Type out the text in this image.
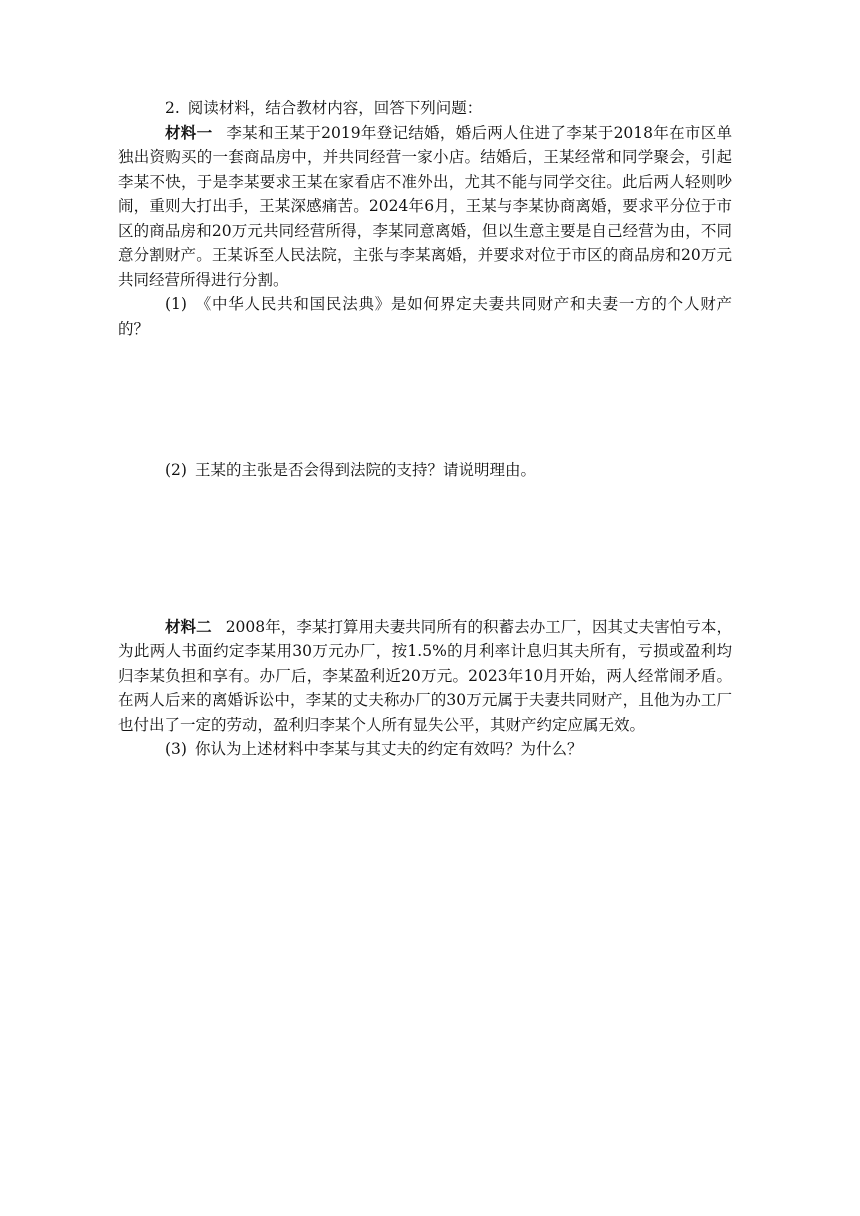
2. 阅读材料，结合教材内容，回答下列问题：

材料一 李某和王某于2019年登记结婚，婚后两人住进了李某于2018年在市区单独出资购买的一套商品房中，并共同经营一家小店。结婚后，王某经常和同学聚会，引起李某不快，于是李某要求王某在家看店不准外出，尤其不能与同学交往。此后两人轻则吵闹，重则大打出手，王某深感痛苦。2024年6月，王某与李某协商离婚，要求平分位于市区的商品房和20万元共同经营所得，李某同意离婚，但以生意主要是自己经营为由，不同意分割财产。王某诉至人民法院，主张与李某离婚，并要求对位于市区的商品房和20万元共同经营所得进行分割。

(1) 《中华人民共和国民法典》是如何界定夫妻共同财产和夫妻一方的个人财产的？

(2) 王某的主张是否会得到法院的支持？请说明理由。

材料二 2008年，李某打算用夫妻共同所有的积蓄去办工厂，因其丈夫害怕亏本，为此两人书面约定李某用30万元办厂，按1.5%的月利率计息归其夫所有，亏损或盈利均归李某负担和享有。办厂后，李某盈利近20万元。2023年10月开始，两人经常闹矛盾。在两人后来的离婚诉讼中，李某的丈夫称办厂的30万元属于夫妻共同财产，且他为办工厂也付出了一定的劳动，盈利归李某个人所有显失公平，其财产约定应属无效。

(3) 你认为上述材料中李某与其丈夫的约定有效吗？为什么？
